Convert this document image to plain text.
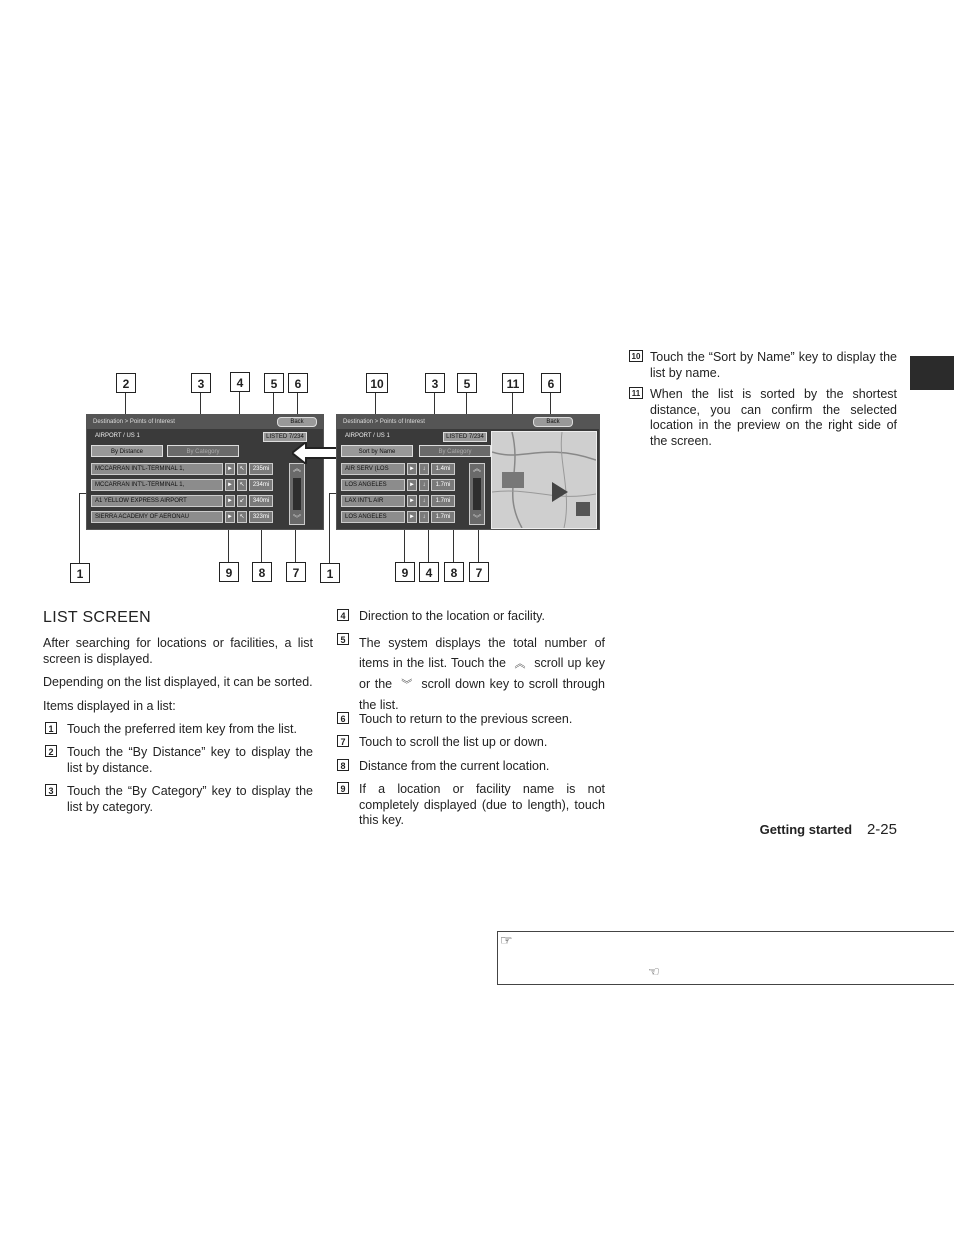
2	3	4	5	6	10	3	5	11	6
1	9	8	7	1	9	4	8	7
Destination > Points of Interest	Back
AIRPORT / US 1	LISTED 7/234
By Distance	By Category
MCCARRAN INT'L-TERMINAL 1,	►	↖	235mi
MCCARRAN INT'L-TERMINAL 1,	►	↖	234mi
A1 YELLOW EXPRESS AIRPORT	►	↙	340mi
SIERRA ACADEMY OF AERONAU	►	↖	323mi
︽
︾
Destination > Points of Interest	Back
AIRPORT / US 1	LISTED 7/234
Sort by Name	By Category
AIR SERV (LOS	►	↓	1.4mi
LOS ANGELES	►	↓	1.7mi
LAX INT'L AIR	►	↓	1.7mi
LOS ANGELES	►	↓	1.7mi
︽
︾
LIST SCREEN

After searching for locations or facilities, a list screen is displayed.

Depending on the list displayed, it can be sorted.

Items displayed in a list:

1 Touch the preferred item key from the list.
2 Touch the “By Distance” key to display the list by distance.
3 Touch the “By Category” key to display the list by category.
4 Direction to the location or facility.
5 The system displays the total number of items in the list. Touch the ︽ scroll up key or the ︾ scroll down key to scroll through the list.
6 Touch to return to the previous screen.
7 Touch to scroll the list up or down.
8 Distance from the current location.
9 If a location or facility name is not completely displayed (due to length), touch this key.
10 Touch the “Sort by Name” key to display the list by name.
11 When the list is sorted by the shortest distance, you can confirm the selected location in the preview on the right side of the screen.
Getting started 2-25
☞
☜
